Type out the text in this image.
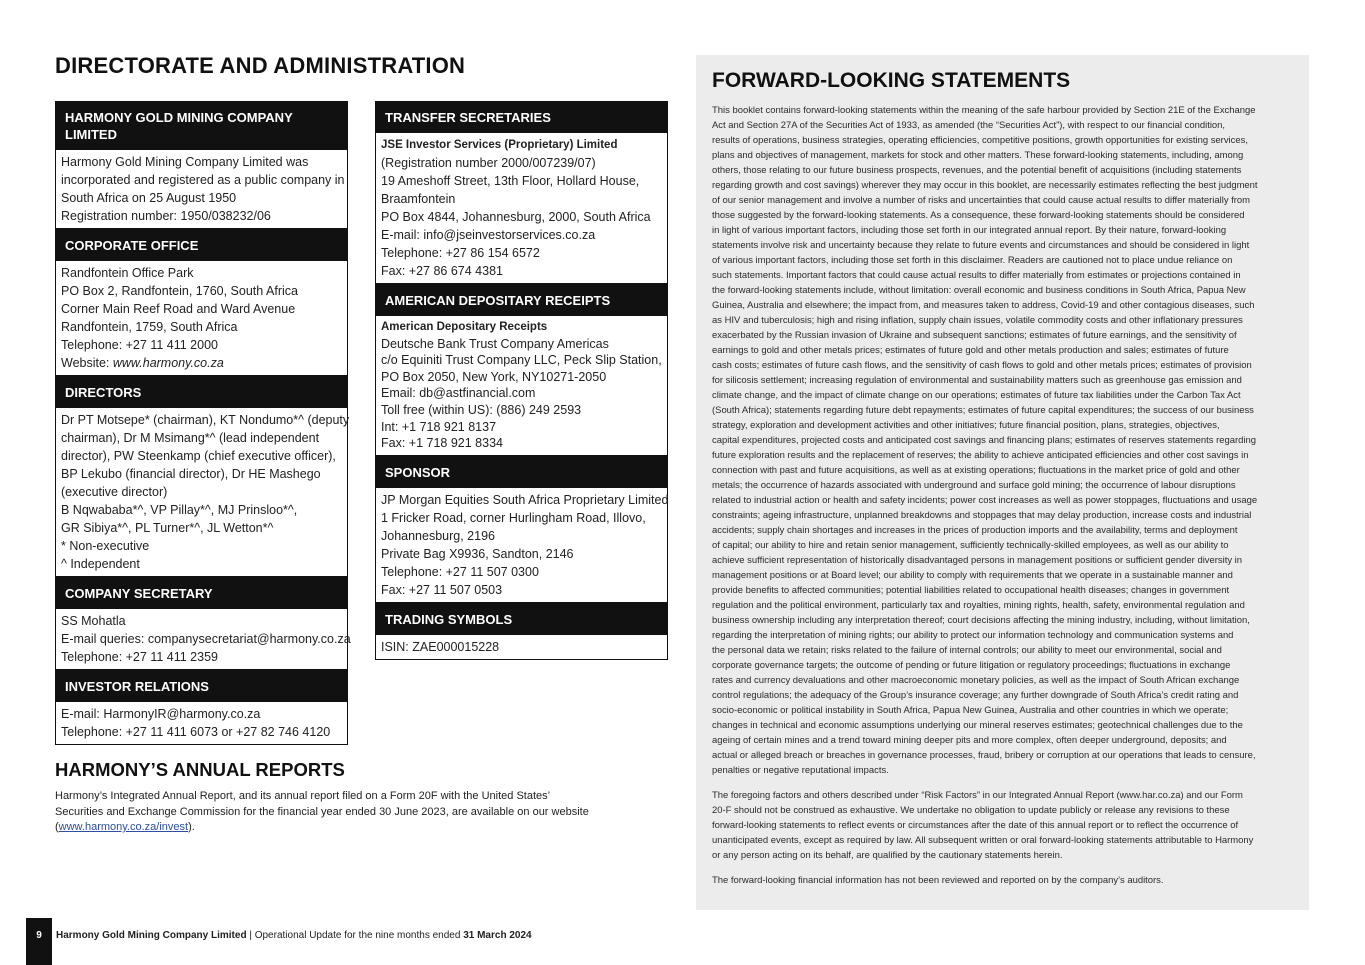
DIRECTORATE AND ADMINISTRATION
HARMONY GOLD MINING COMPANY
LIMITED
Harmony Gold Mining Company Limited was
incorporated and registered as a public company in
South Africa on 25 August 1950
Registration number: 1950/038232/06
CORPORATE OFFICE
Randfontein Office Park
PO Box 2, Randfontein, 1760, South Africa
Corner Main Reef Road and Ward Avenue
Randfontein, 1759, South Africa
Telephone: +27 11 411 2000
Website: www.harmony.co.za
DIRECTORS
Dr PT Motsepe* (chairman), KT Nondumo*^ (deputy
chairman), Dr M Msimang*^ (lead independent
director), PW Steenkamp (chief executive officer),
BP Lekubo (financial director), Dr HE Mashego
(executive director)
B Nqwababa*^, VP Pillay*^, MJ Prinsloo*^,
GR Sibiya*^, PL Turner*^, JL Wetton*^
* Non-executive
^ Independent
COMPANY SECRETARY
SS Mohatla
E-mail queries: companysecretariat@harmony.co.za
Telephone: +27 11 411 2359
INVESTOR RELATIONS
E-mail: HarmonyIR@harmony.co.za
Telephone: +27 11 411 6073 or +27 82 746 4120
TRANSFER SECRETARIES
JSE Investor Services (Proprietary) Limited
(Registration number 2000/007239/07)
19 Ameshoff Street, 13th Floor, Hollard House,
Braamfontein
PO Box 4844, Johannesburg, 2000, South Africa
E-mail: info@jseinvestorservices.co.za
Telephone: +27 86 154 6572
Fax: +27 86 674 4381
AMERICAN DEPOSITARY RECEIPTS
American Depositary Receipts
Deutsche Bank Trust Company Americas
c/o Equiniti Trust Company LLC, Peck Slip Station,
PO Box 2050, New York, NY10271-2050
Email: db@astfinancial.com
Toll free (within US): (886) 249 2593
Int: +1 718 921 8137
Fax: +1 718 921 8334
SPONSOR
JP Morgan Equities South Africa Proprietary Limited
1 Fricker Road, corner Hurlingham Road, Illovo,
Johannesburg, 2196
Private Bag X9936, Sandton, 2146
Telephone: +27 11 507 0300
Fax: +27 11 507 0503
TRADING SYMBOLS
ISIN: ZAE000015228
HARMONY’S ANNUAL REPORTS
Harmony’s Integrated Annual Report, and its annual report filed on a Form 20F with the United States’
Securities and Exchange Commission for the financial year ended 30 June 2023, are available on our website
(www.harmony.co.za/invest).
FORWARD-LOOKING STATEMENTS
This booklet contains forward-looking statements within the meaning of the safe harbour provided by Section 21E of the Exchange
Act and Section 27A of the Securities Act of 1933, as amended (the “Securities Act”), with respect to our financial condition,
results of operations, business strategies, operating efficiencies, competitive positions, growth opportunities for existing services,
plans and objectives of management, markets for stock and other matters. These forward-looking statements, including, among
others, those relating to our future business prospects, revenues, and the potential benefit of acquisitions (including statements
regarding growth and cost savings) wherever they may occur in this booklet, are necessarily estimates reflecting the best judgment
of our senior management and involve a number of risks and uncertainties that could cause actual results to differ materially from
those suggested by the forward-looking statements. As a consequence, these forward-looking statements should be considered
in light of various important factors, including those set forth in our integrated annual report. By their nature, forward-looking
statements involve risk and uncertainty because they relate to future events and circumstances and should be considered in light
of various important factors, including those set forth in this disclaimer. Readers are cautioned not to place undue reliance on
such statements. Important factors that could cause actual results to differ materially from estimates or projections contained in
the forward-looking statements include, without limitation: overall economic and business conditions in South Africa, Papua New
Guinea, Australia and elsewhere; the impact from, and measures taken to address, Covid-19 and other contagious diseases, such
as HIV and tuberculosis; high and rising inflation, supply chain issues, volatile commodity costs and other inflationary pressures
exacerbated by the Russian invasion of Ukraine and subsequent sanctions; estimates of future earnings, and the sensitivity of
earnings to gold and other metals prices; estimates of future gold and other metals production and sales; estimates of future
cash costs; estimates of future cash flows, and the sensitivity of cash flows to gold and other metals prices; estimates of provision
for silicosis settlement; increasing regulation of environmental and sustainability matters such as greenhouse gas emission and
climate change, and the impact of climate change on our operations; estimates of future tax liabilities under the Carbon Tax Act
(South Africa); statements regarding future debt repayments; estimates of future capital expenditures; the success of our business
strategy, exploration and development activities and other initiatives; future financial position, plans, strategies, objectives,
capital expenditures, projected costs and anticipated cost savings and financing plans; estimates of reserves statements regarding
future exploration results and the replacement of reserves; the ability to achieve anticipated efficiencies and other cost savings in
connection with past and future acquisitions, as well as at existing operations; fluctuations in the market price of gold and other
metals; the occurrence of hazards associated with underground and surface gold mining; the occurrence of labour disruptions
related to industrial action or health and safety incidents; power cost increases as well as power stoppages, fluctuations and usage
constraints; ageing infrastructure, unplanned breakdowns and stoppages that may delay production, increase costs and industrial
accidents; supply chain shortages and increases in the prices of production imports and the availability, terms and deployment
of capital; our ability to hire and retain senior management, sufficiently technically-skilled employees, as well as our ability to
achieve sufficient representation of historically disadvantaged persons in management positions or sufficient gender diversity in
management positions or at Board level; our ability to comply with requirements that we operate in a sustainable manner and
provide benefits to affected communities; potential liabilities related to occupational health diseases; changes in government
regulation and the political environment, particularly tax and royalties, mining rights, health, safety, environmental regulation and
business ownership including any interpretation thereof; court decisions affecting the mining industry, including, without limitation,
regarding the interpretation of mining rights; our ability to protect our information technology and communication systems and
the personal data we retain; risks related to the failure of internal controls; our ability to meet our environmental, social and
corporate governance targets; the outcome of pending or future litigation or regulatory proceedings; fluctuations in exchange
rates and currency devaluations and other macroeconomic monetary policies, as well as the impact of South African exchange
control regulations; the adequacy of the Group’s insurance coverage; any further downgrade of South Africa’s credit rating and
socio-economic or political instability in South Africa, Papua New Guinea, Australia and other countries in which we operate;
changes in technical and economic assumptions underlying our mineral reserves estimates; geotechnical challenges due to the
ageing of certain mines and a trend toward mining deeper pits and more complex, often deeper underground, deposits; and
actual or alleged breach or breaches in governance processes, fraud, bribery or corruption at our operations that leads to censure,
penalties or negative reputational impacts.
The foregoing factors and others described under “Risk Factors” in our Integrated Annual Report (www.har.co.za) and our Form
20-F should not be construed as exhaustive. We undertake no obligation to update publicly or release any revisions to these
forward-looking statements to reflect events or circumstances after the date of this annual report or to reflect the occurrence of
unanticipated events, except as required by law. All subsequent written or oral forward-looking statements attributable to Harmony
or any person acting on its behalf, are qualified by the cautionary statements herein.
The forward-looking financial information has not been reviewed and reported on by the company’s auditors.
9	Harmony Gold Mining Company Limited | Operational Update for the nine months ended 31 March 2024
